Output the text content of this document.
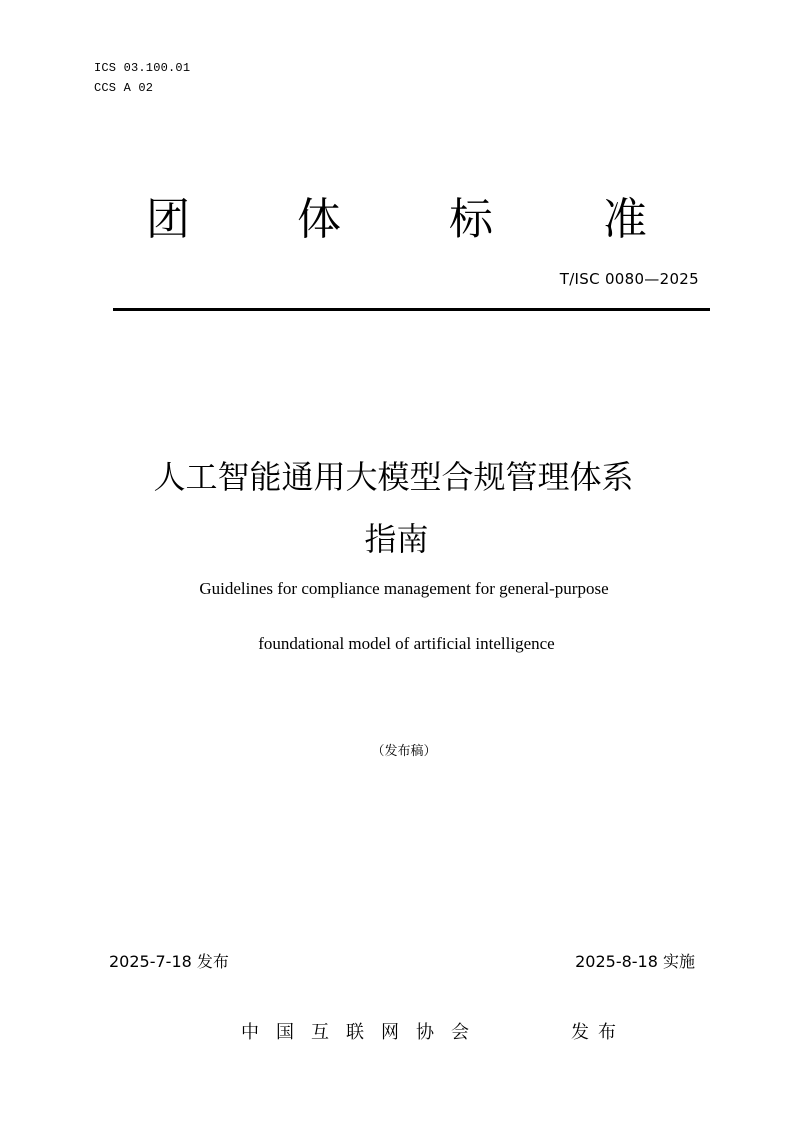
ICS 03.100.01
CCS A 02
团 体 标	准
T/ISC 0080—2025
人工智能通用大模型合规管理体系
指南
Guidelines for compliance management for general-purpose
foundational model of artificial intelligence
（发布稿）
2025-7-18 发布	2025-8-18 实施
中国互联网协会	发布
